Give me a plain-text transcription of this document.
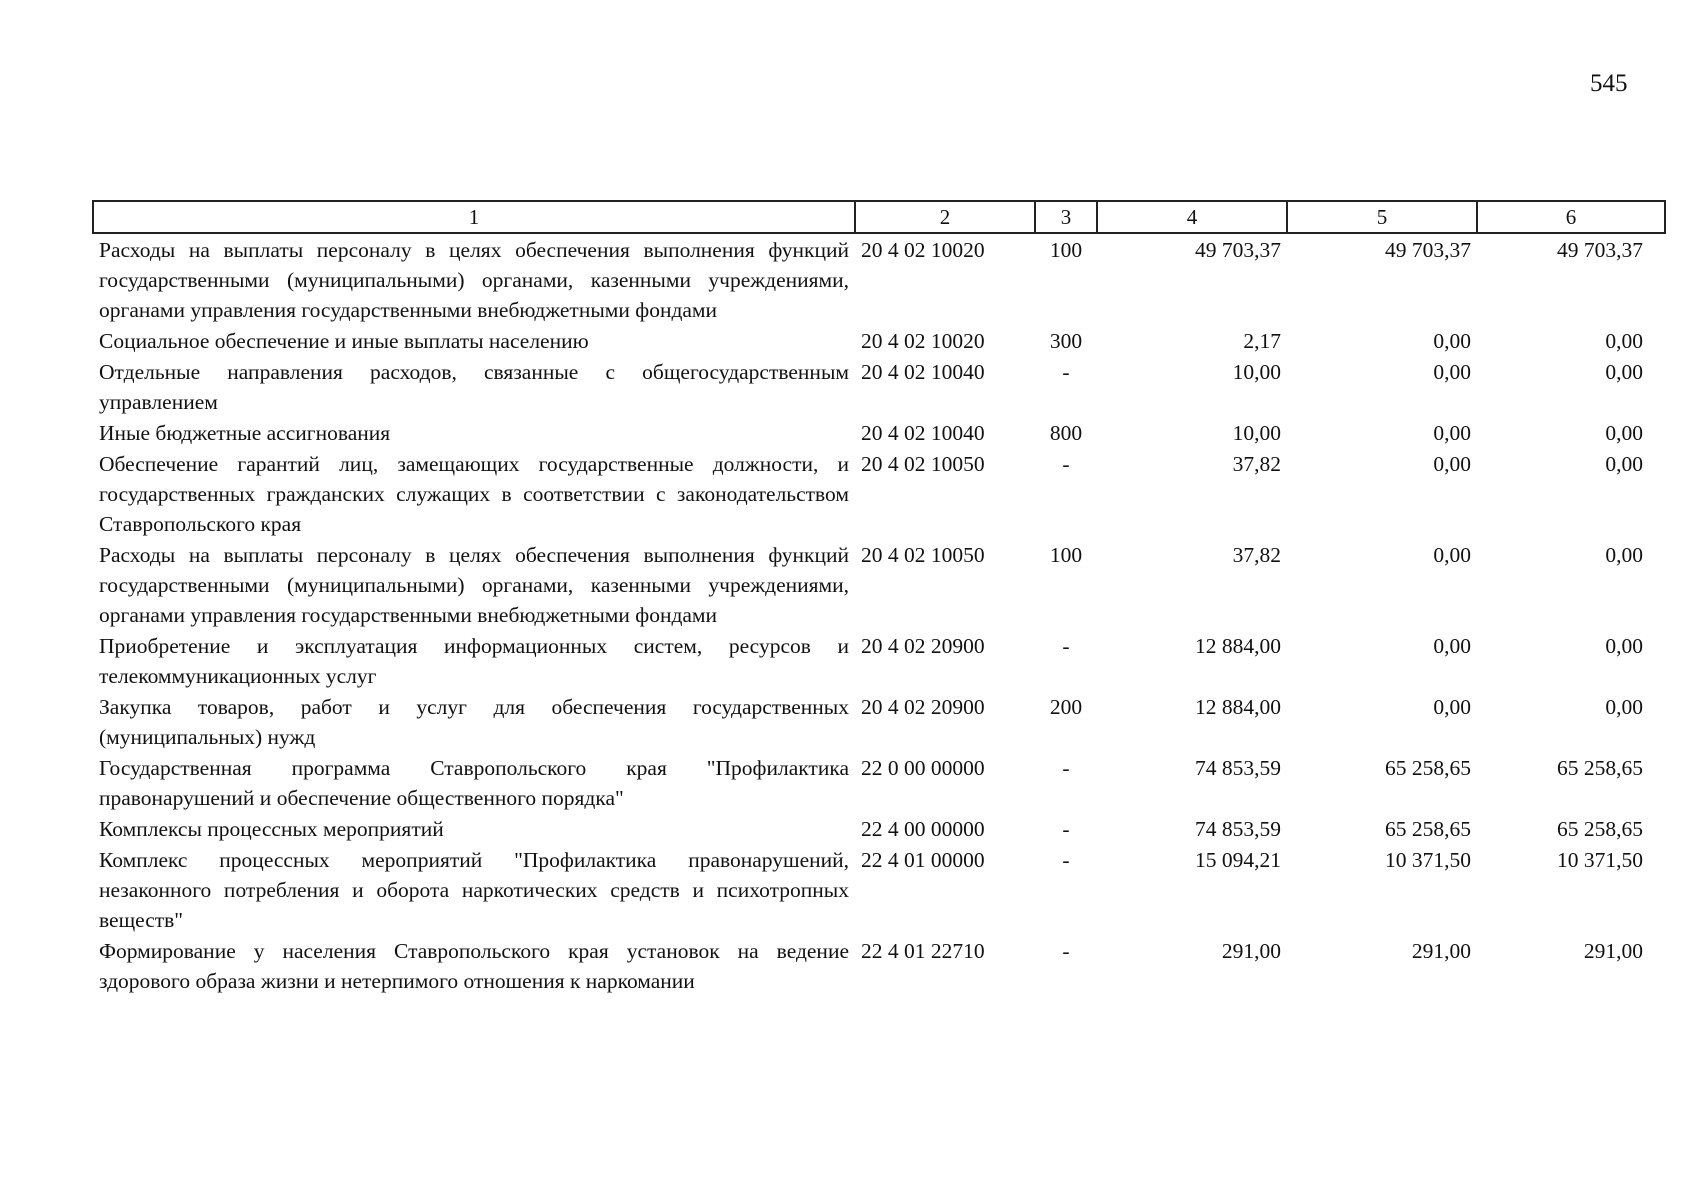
545
1	2	3	4	5	6
Расходы на выплаты персоналу в целях обеспечения выполнения функций государственными (муниципальными) органами, казенными учреждениями, органами управления государственными внебюджетными фондами	20 4 02 10020	100	49 703,37	49 703,37	49 703,37
Социальное обеспечение и иные выплаты населению	20 4 02 10020	300	2,17	0,00	0,00
Отдельные направления расходов, связанные с общегосударственным управлением	20 4 02 10040	-	10,00	0,00	0,00
Иные бюджетные ассигнования	20 4 02 10040	800	10,00	0,00	0,00
Обеспечение гарантий лиц, замещающих государственные должности, и государственных гражданских служащих в соответствии с законодательством Ставропольского края	20 4 02 10050	-	37,82	0,00	0,00
Расходы на выплаты персоналу в целях обеспечения выполнения функций государственными (муниципальными) органами, казенными учреждениями, органами управления государственными внебюджетными фондами	20 4 02 10050	100	37,82	0,00	0,00
Приобретение и эксплуатация информационных систем, ресурсов и телекоммуникационных услуг	20 4 02 20900	-	12 884,00	0,00	0,00
Закупка товаров, работ и услуг для обеспечения государственных (муниципальных) нужд	20 4 02 20900	200	12 884,00	0,00	0,00
Государственная программа Ставропольского края "Профилактика правонарушений и обеспечение общественного порядка"	22 0 00 00000	-	74 853,59	65 258,65	65 258,65
Комплексы процессных мероприятий	22 4 00 00000	-	74 853,59	65 258,65	65 258,65
Комплекс процессных мероприятий "Профилактика правонарушений, незаконного потребления и оборота наркотических средств и психотропных веществ"	22 4 01 00000	-	15 094,21	10 371,50	10 371,50
Формирование у населения Ставропольского края установок на ведение здорового образа жизни и нетерпимого отношения к наркомании	22 4 01 22710	-	291,00	291,00	291,00
